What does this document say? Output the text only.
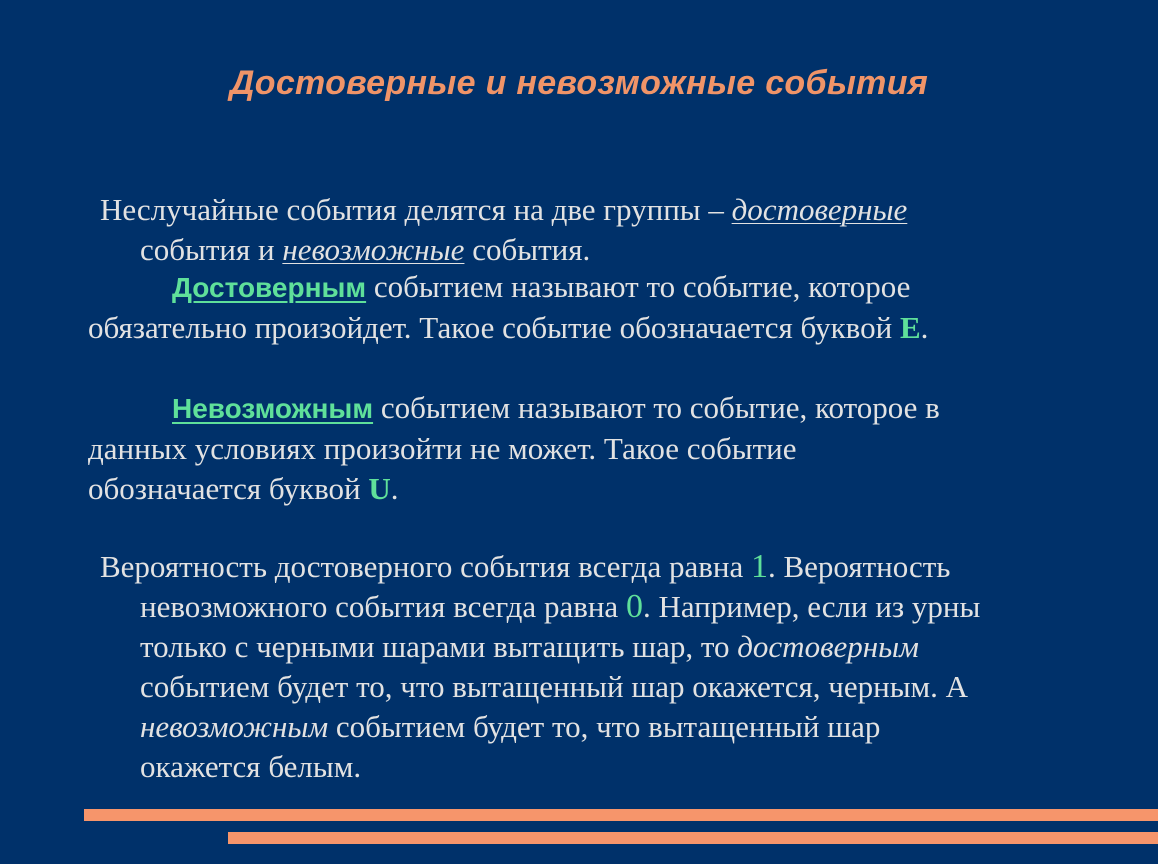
Достоверные и невозможные события
Неслучайные события делятся на две группы – достоверные
события и невозможные события.
Достоверным событием называют то событие, которое
обязательно произойдет. Такое событие обозначается буквой Е.
Невозможным событием называют то событие, которое в
данных условиях произойти не может. Такое событие
обозначается буквой U.
Вероятность достоверного события всегда равна 1. Вероятность
невозможного события всегда равна 0. Например, если из урны
только с черными шарами вытащить шар, то достоверным
событием будет то, что вытащенный шар окажется, черным. А
невозможным событием будет то, что вытащенный шар
окажется белым.
